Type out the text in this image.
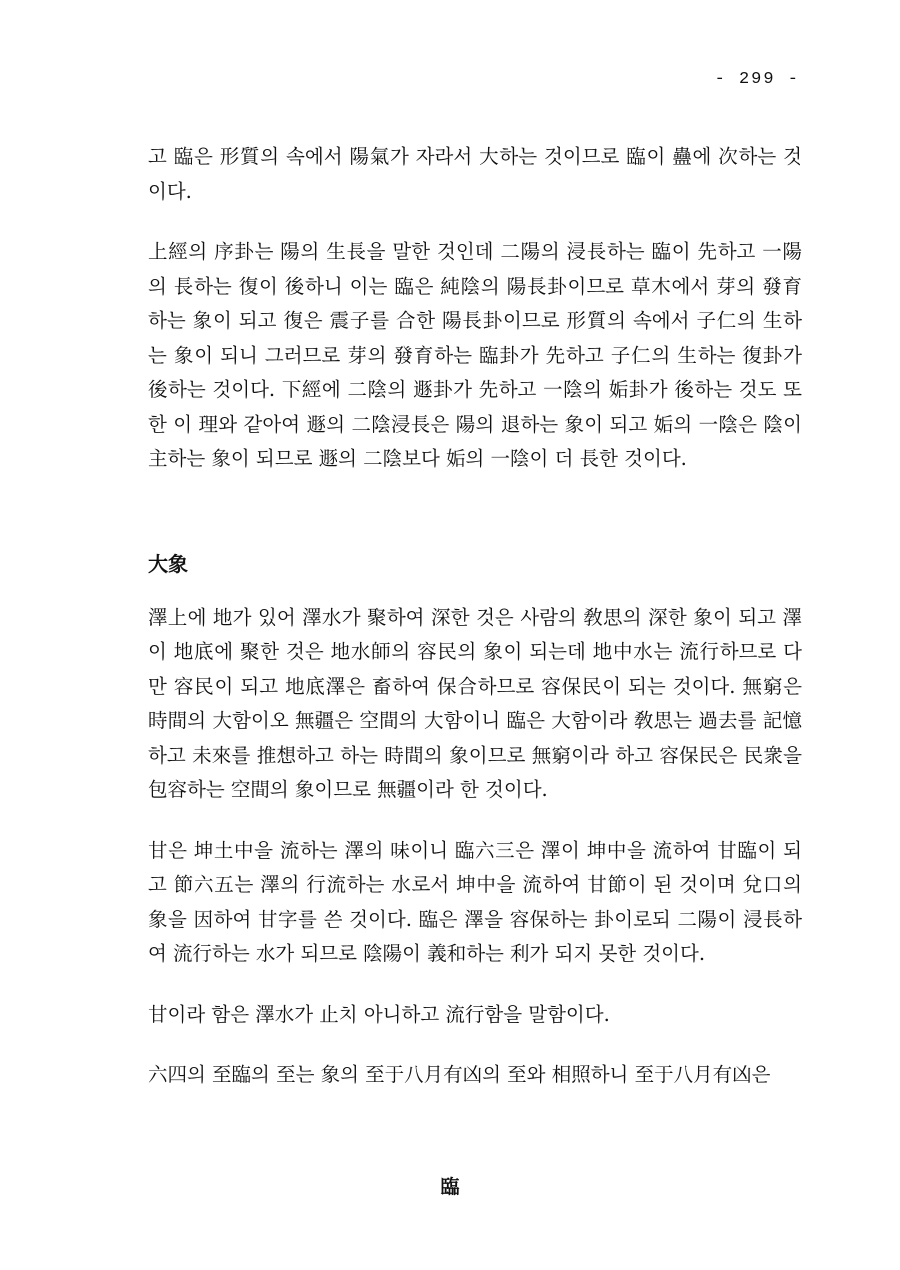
- 299 -

고 臨은 形質의 속에서 陽氣가 자라서 大하는 것이므로 臨이 蠱에 次하는 것이다.

上經의 序卦는 陽의 生長을 말한 것인데 二陽의 浸長하는 臨이 先하고 一陽의 長하는 復이 後하니 이는 臨은 純陰의 陽長卦이므로 草木에서 芽의 發育하는 象이 되고 復은 震子를 合한 陽長卦이므로 形質의 속에서 子仁의 生하는 象이 되니 그러므로 芽의 發育하는 臨卦가 先하고 子仁의 生하는 復卦가 後하는 것이다. 下經에 二陰의 遯卦가 先하고 一陰의 姤卦가 後하는 것도 또한 이 理와 같아여 遯의 二陰浸長은 陽의 退하는 象이 되고 姤의 一陰은 陰이 主하는 象이 되므로 遯의 二陰보다 姤의 一陰이 더 長한 것이다.

大象

澤上에 地가 있어 澤水가 聚하여 深한 것은 사람의 敎思의 深한 象이 되고 澤이 地底에 聚한 것은 地水師의 容民의 象이 되는데 地中水는 流行하므로 다만 容民이 되고 地底澤은 畜하여 保合하므로 容保民이 되는 것이다. 無窮은 時間의 大함이오 無疆은 空間의 大함이니 臨은 大함이라 敎思는 過去를 記憶하고 未來를 推想하고 하는 時間의 象이므로 無窮이라 하고 容保民은 民衆을 包容하는 空間의 象이므로 無疆이라 한 것이다.

甘은 坤土中을 流하는 澤의 味이니 臨六三은 澤이 坤中을 流하여 甘臨이 되고 節六五는 澤의 行流하는 水로서 坤中을 流하여 甘節이 된 것이며 兌口의 象을 因하여 甘字를 쓴 것이다. 臨은 澤을 容保하는 卦이로되 二陽이 浸長하여 流行하는 水가 되므로 陰陽이 義和하는 利가 되지 못한 것이다.

甘이라 함은 澤水가 止치 아니하고 流行함을 말함이다.

六四의 至臨의 至는 象의 至于八月有凶의 至와 相照하니 至于八月有凶은

臨
